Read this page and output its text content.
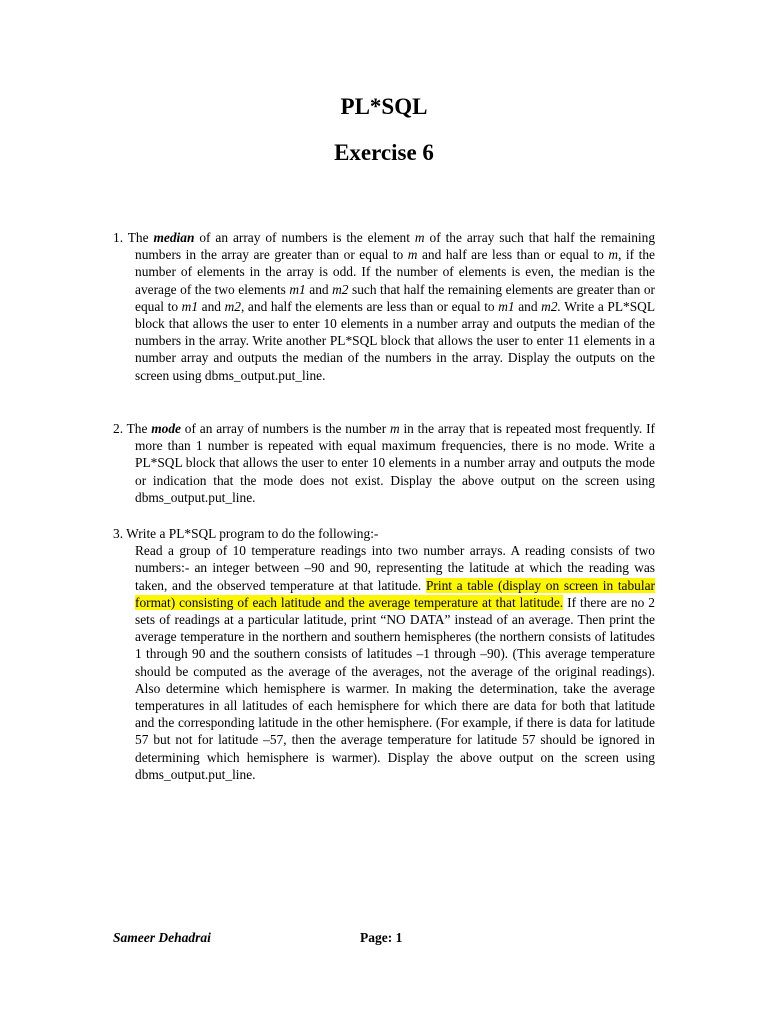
PL*SQL
Exercise 6

1. The median of an array of numbers is the element m of the array such that half the remaining numbers in the array are greater than or equal to m and half are less than or equal to m, if the number of elements in the array is odd. If the number of elements is even, the median is the average of the two elements m1 and m2 such that half the remaining elements are greater than or equal to m1 and m2, and half the elements are less than or equal to m1 and m2. Write a PL*SQL block that allows the user to enter 10 elements in a number array and outputs the median of the numbers in the array. Write another PL*SQL block that allows the user to enter 11 elements in a number array and outputs the median of the numbers in the array. Display the outputs on the screen using dbms_output.put_line.

2. The mode of an array of numbers is the number m in the array that is repeated most frequently. If more than 1 number is repeated with equal maximum frequencies, there is no mode. Write a PL*SQL block that allows the user to enter 10 elements in a number array and outputs the mode or indication that the mode does not exist. Display the above output on the screen using dbms_output.put_line.

3. Write a PL*SQL program to do the following:-

Read a group of 10 temperature readings into two number arrays. A reading consists of two numbers:- an integer between –90 and 90, representing the latitude at which the reading was taken, and the observed temperature at that latitude. Print a table (display on screen in tabular format) consisting of each latitude and the average temperature at that latitude. If there are no 2 sets of readings at a particular latitude, print “NO DATA” instead of an average. Then print the average temperature in the northern and southern hemispheres (the northern consists of latitudes 1 through 90 and the southern consists of latitudes –1 through –90). (This average temperature should be computed as the average of the averages, not the average of the original readings). Also determine which hemisphere is warmer. In making the determination, take the average temperatures in all latitudes of each hemisphere for which there are data for both that latitude and the corresponding latitude in the other hemisphere. (For example, if there is data for latitude 57 but not for latitude –57, then the average temperature for latitude 57 should be ignored in determining which hemisphere is warmer). Display the above output on the screen using dbms_output.put_line.

Sameer Dehadrai	Page: 1
